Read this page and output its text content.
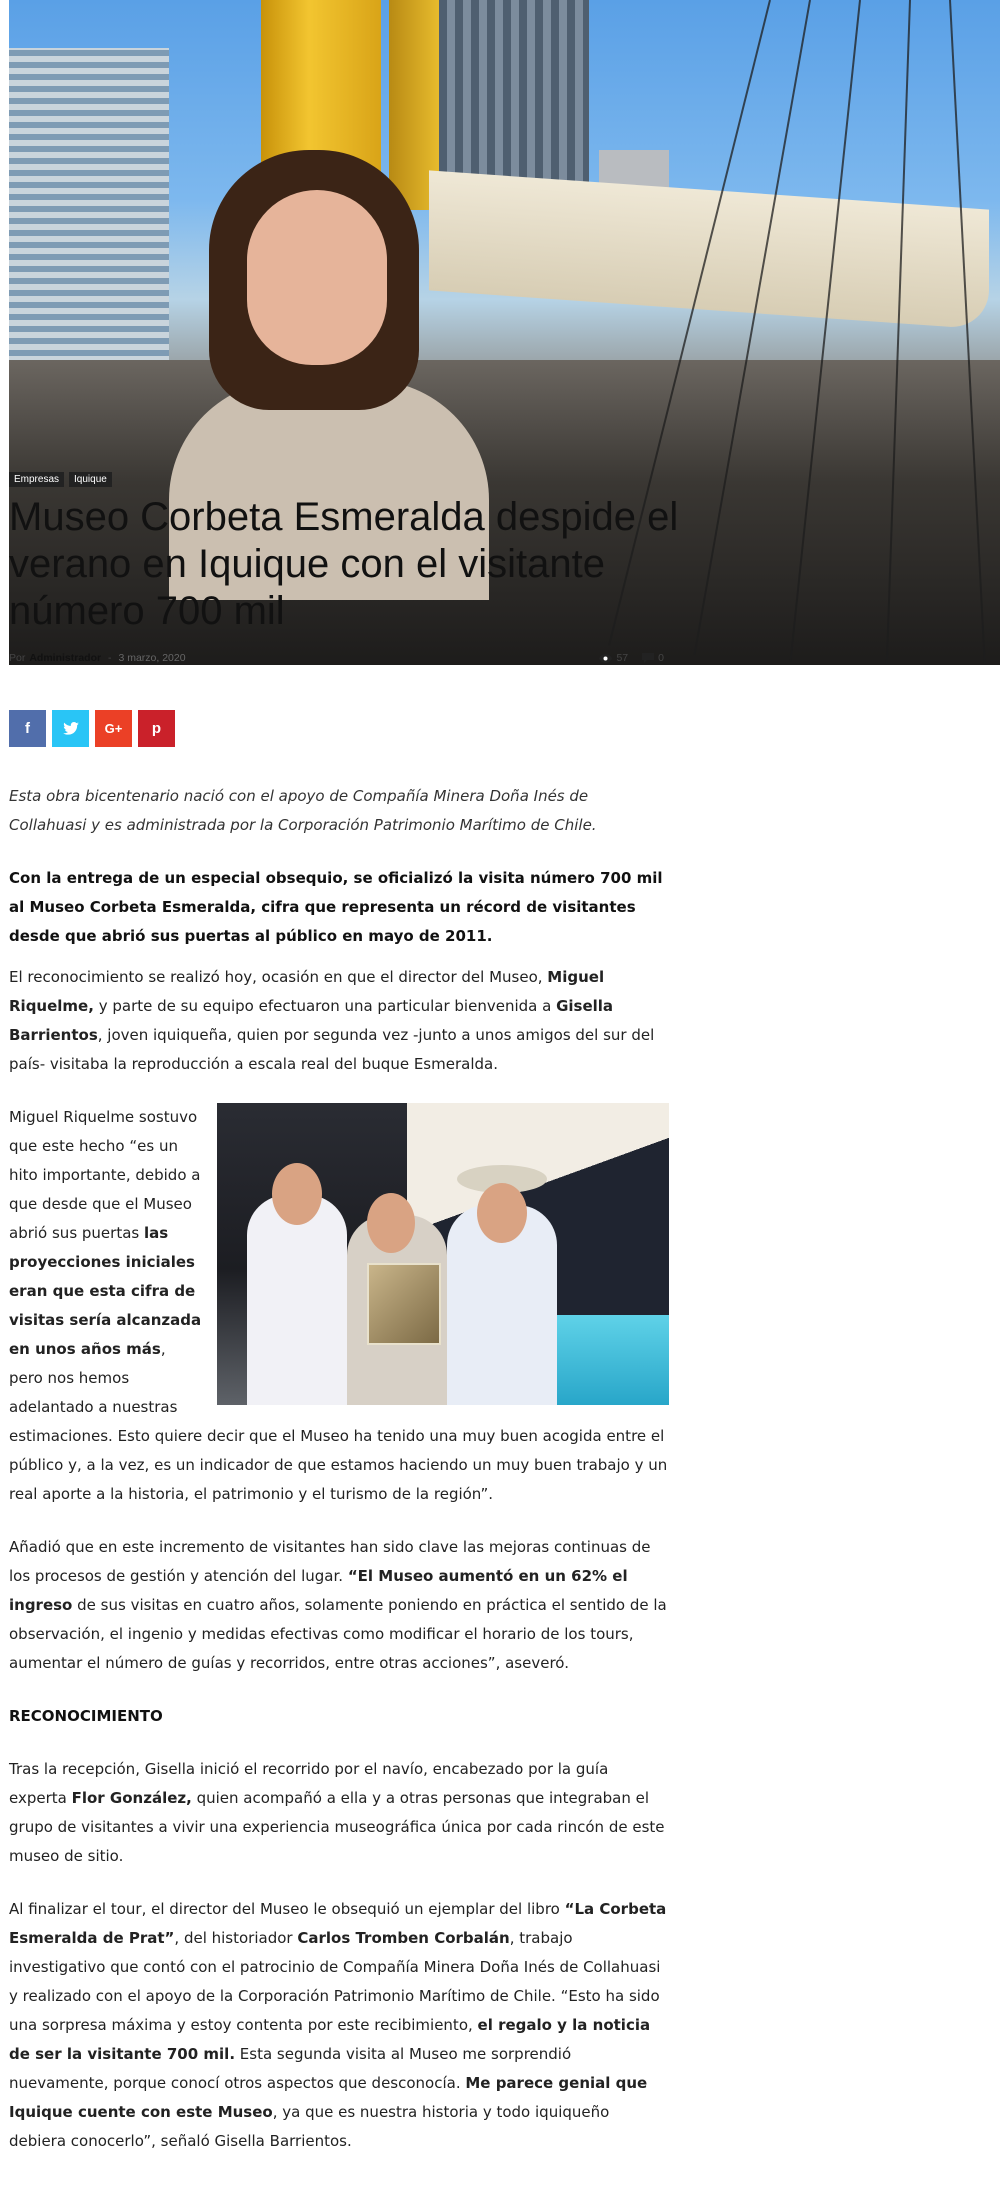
Empresas	Iquique
Museo Corbeta Esmeralda despide el verano en Iquique con el visitante número 700 mil
Por Administrador - 3 marzo, 2020	57	0
f	G+ p

Esta obra bicentenario nació con el apoyo de Compañía Minera Doña Inés de Collahuasi y es administrada por la Corporación Patrimonio Marítimo de Chile.

Con la entrega de un especial obsequio, se oficializó la visita número 700 mil al Museo Corbeta Esmeralda, cifra que representa un récord de visitantes desde que abrió sus puertas al público en mayo de 2011.

El reconocimiento se realizó hoy, ocasión en que el director del Museo, Miguel Riquelme, y parte de su equipo efectuaron una particular bienvenida a Gisella Barrientos, joven iquiqueña, quien por segunda vez -junto a unos amigos del sur del país- visitaba la reproducción a escala real del buque Esmeralda.

Miguel Riquelme sostuvo que este hecho “es un hito importante, debido a que desde que el Museo abrió sus puertas las proyecciones iniciales eran que esta cifra de visitas sería alcanzada en unos años más, pero nos hemos adelantado a nuestras estimaciones. Esto quiere decir que el Museo ha tenido una muy buen acogida entre el público y, a la vez, es un indicador de que estamos haciendo un muy buen trabajo y un real aporte a la historia, el patrimonio y el turismo de la región”.

Añadió que en este incremento de visitantes han sido clave las mejoras continuas de los procesos de gestión y atención del lugar. “El Museo aumentó en un 62% el ingreso de sus visitas en cuatro años, solamente poniendo en práctica el sentido de la observación, el ingenio y medidas efectivas como modificar el horario de los tours, aumentar el número de guías y recorridos, entre otras acciones”, aseveró.

RECONOCIMIENTO

Tras la recepción, Gisella inició el recorrido por el navío, encabezado por la guía experta Flor González, quien acompañó a ella y a otras personas que integraban el grupo de visitantes a vivir una experiencia museográfica única por cada rincón de este museo de sitio.

Al finalizar el tour, el director del Museo le obsequió un ejemplar del libro “La Corbeta Esmeralda de Prat”, del historiador Carlos Tromben Corbalán, trabajo investigativo que contó con el patrocinio de Compañía Minera Doña Inés de Collahuasi y realizado con el apoyo de la Corporación Patrimonio Marítimo de Chile. “Esto ha sido una sorpresa máxima y estoy contenta por este recibimiento, el regalo y la noticia de ser la visitante 700 mil. Esta segunda visita al Museo me sorprendió nuevamente, porque conocí otros aspectos que desconocía. Me parece genial que Iquique cuente con este Museo, ya que es nuestra historia y todo iquiqueño debiera conocerlo”, señaló Gisella Barrientos.
